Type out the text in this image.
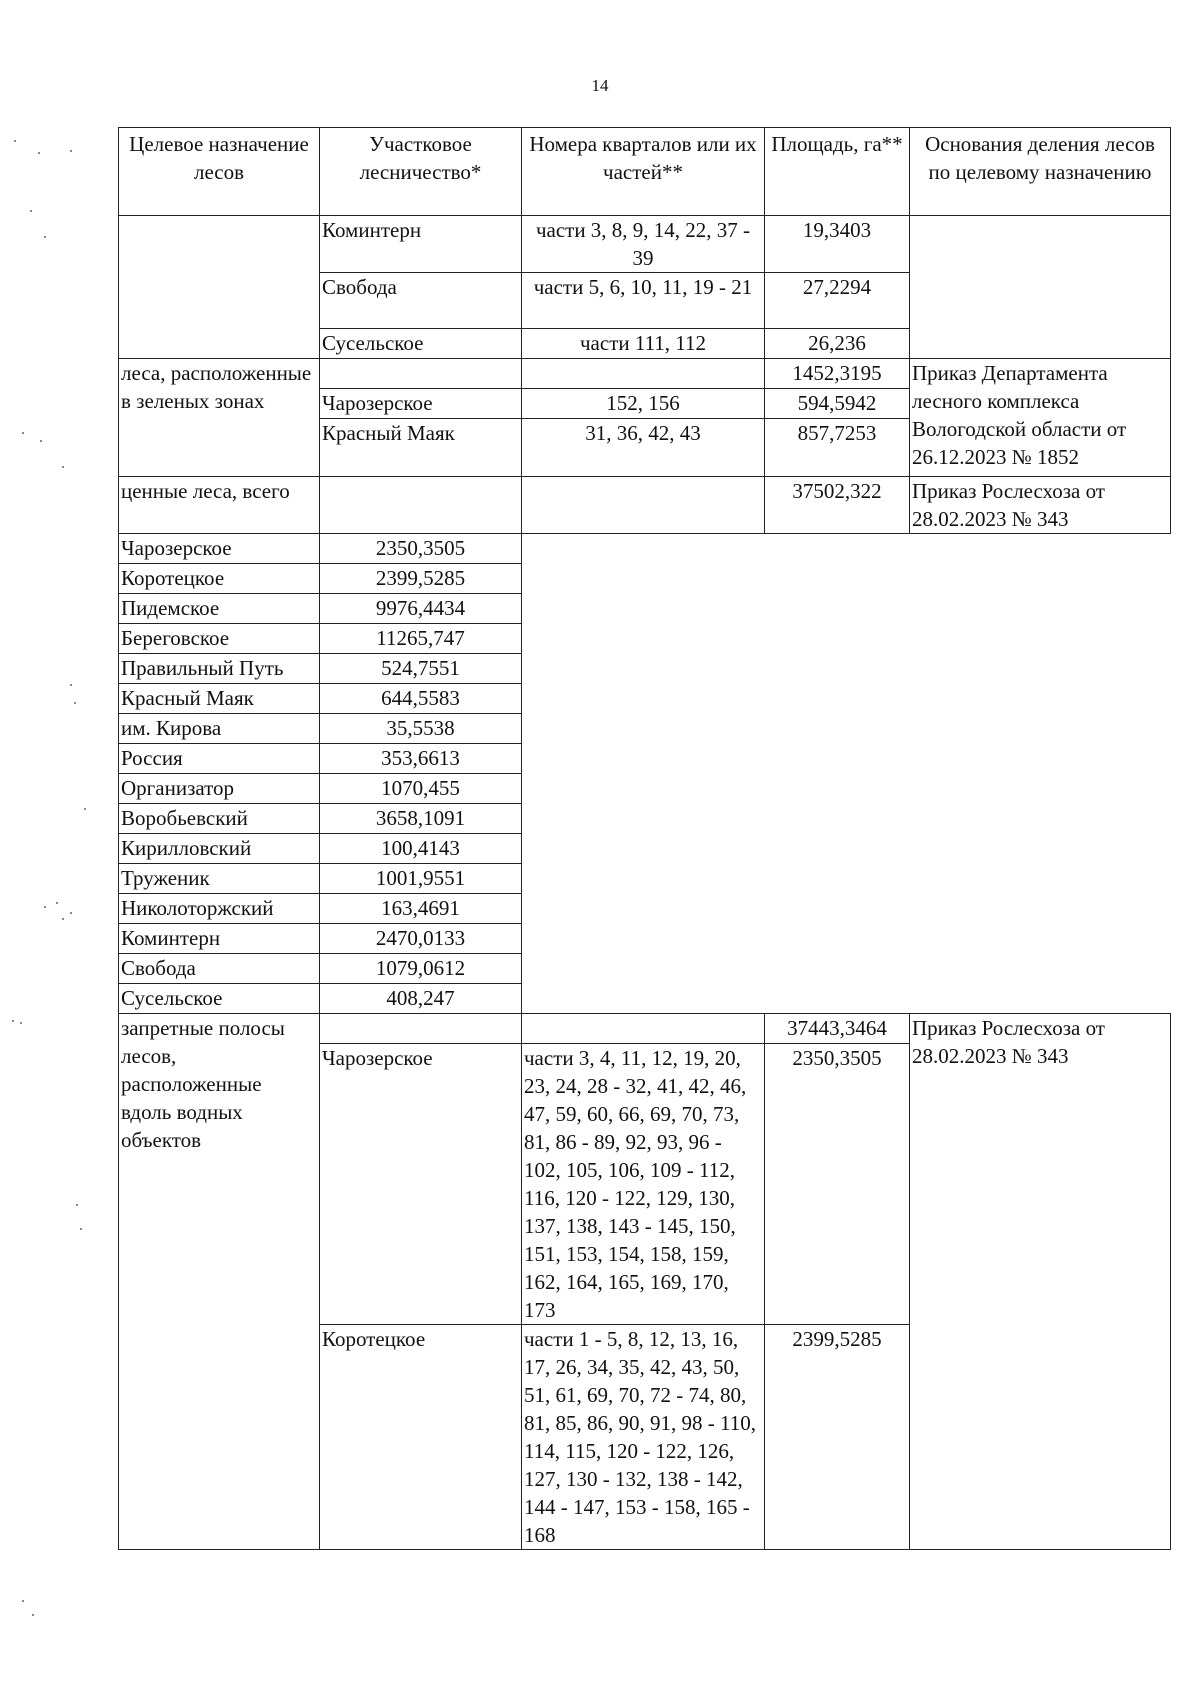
14
Целевое назначение лесов	Участковое лесничество*	Номера кварталов или их частей**	Площадь, га**	Основания деления лесов по целевому назначению
	Коминтерн	части 3, 8, 9, 14, 22, 37 - 39	19,3403	
	Свобода	части 5, 6, 10, 11, 19 - 21	27,2294	
	Сусельское	части 111, 112	26,236	
леса, расположенные в зеленых зонах			1452,3195	Приказ Департамента лесного комплекса Вологодской области от 26.12.2023 № 1852
	Чарозерское	152, 156	594,5942	
	Красный Маяк	31, 36, 42, 43	857,7253	

ценные леса, всего			37502,322	Приказ Рослесхоза от 28.02.2023 № 343
Чарозерское	2350,3505			
Коротецкое	2399,5285			
Пидемское	9976,4434			
Береговское	11265,747			
Правильный Путь	524,7551			
Красный Маяк	644,5583			
им. Кирова	35,5538			
Россия	353,6613			
Организатор	1070,455			
Воробьевский	3658,1091			
Кирилловский	100,4143			
Труженик	1001,9551			
Николоторжский	163,4691			
Коминтерн	2470,0133			
Свобода	1079,0612			
Сусельское	408,247			
запретные полосы лесов, расположенные вдоль водных объектов			37443,3464	Приказ Рослесхоза от 28.02.2023 № 343
	Чарозерское	части 3, 4, 11, 12, 19, 20, 23, 24, 28 - 32, 41, 42, 46, 47, 59, 60, 66, 69, 70, 73, 81, 86 - 89, 92, 93, 96 - 102, 105, 106, 109 - 112, 116, 120 - 122, 129, 130, 137, 138, 143 - 145, 150, 151, 153, 154, 158, 159, 162, 164, 165, 169, 170, 173	2350,3505	
	Коротецкое	части 1 - 5, 8, 12, 13, 16, 17, 26, 34, 35, 42, 43, 50, 51, 61, 69, 70, 72 - 74, 80, 81, 85, 86, 90, 91, 98 - 110, 114, 115, 120 - 122, 126, 127, 130 - 132, 138 - 142, 144 - 147, 153 - 158, 165 - 168	2399,5285	
